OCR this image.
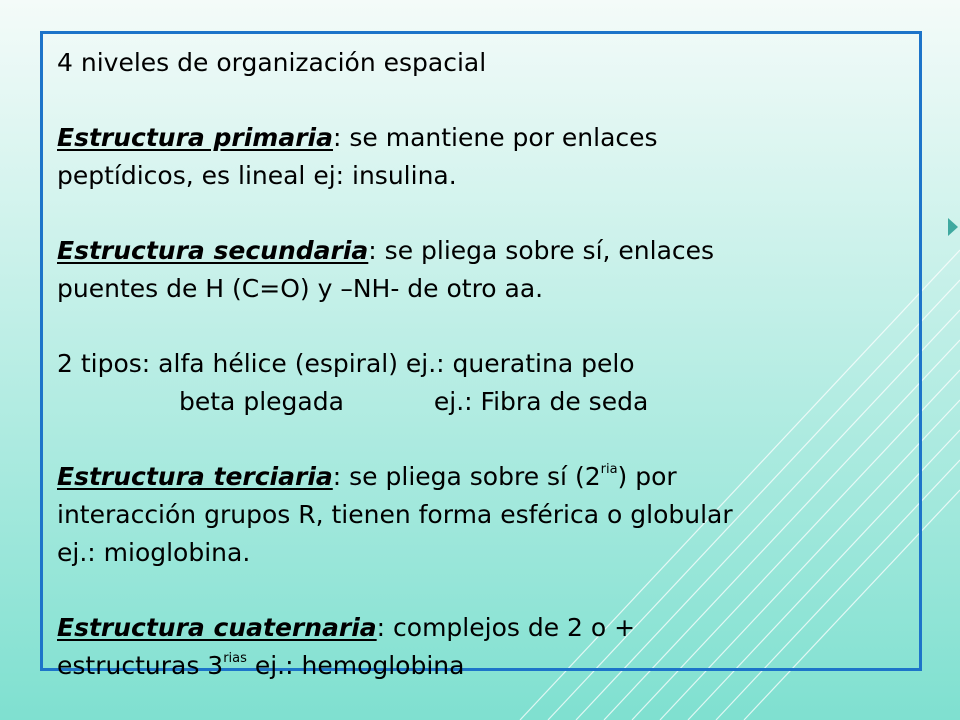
4 niveles de organización espacial
Estructura primaria: se mantiene por enlaces
peptídicos, es lineal ej: insulina.
Estructura secundaria: se pliega sobre sí, enlaces
puentes de H (C=O) y –NH- de otro aa.
2 tipos: alfa hélice (espiral) ej.: queratina pelo
beta plegada	ej.: Fibra de seda
Estructura terciaria: se pliega sobre sí $(2^{ria})$ por
interacción grupos R, tienen forma esférica o globular
ej.: mioglobina.
Estructura cuaternaria: complejos de 2 o +
estructuras $3^{rias}$ ej.: hemoglobina
